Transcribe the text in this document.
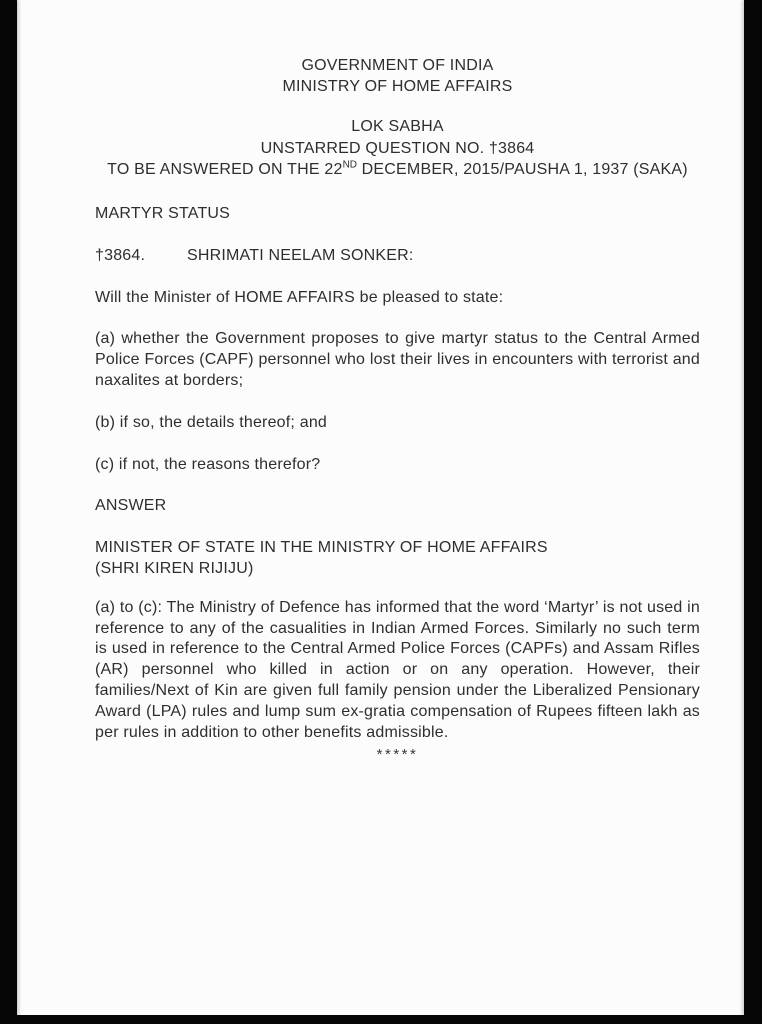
GOVERNMENT OF INDIA
MINISTRY OF HOME AFFAIRS
LOK SABHA
UNSTARRED QUESTION NO. †3864
TO BE ANSWERED ON THE 22ND DECEMBER, 2015/PAUSHA 1, 1937 (SAKA)

MARTYR STATUS

†3864.	SHRIMATI NEELAM SONKER:

Will the Minister of HOME AFFAIRS be pleased to state:

(a) whether the Government proposes to give martyr status to the Central Armed Police Forces (CAPF) personnel who lost their lives in encounters with terrorist and naxalites at borders;

(b) if so, the details thereof; and

(c) if not, the reasons therefor?

ANSWER

MINISTER OF STATE IN THE MINISTRY OF HOME AFFAIRS
(SHRI KIREN RIJIJU)

(a) to (c): The Ministry of Defence has informed that the word ‘Martyr’ is not used in reference to any of the casualities in Indian Armed Forces. Similarly no such term is used in reference to the Central Armed Police Forces (CAPFs) and Assam Rifles (AR) personnel who killed in action or on any operation. However, their families/Next of Kin are given full family pension under the Liberalized Pensionary Award (LPA) rules and lump sum ex-gratia compensation of Rupees fifteen lakh as per rules in addition to other benefits admissible.

*****
